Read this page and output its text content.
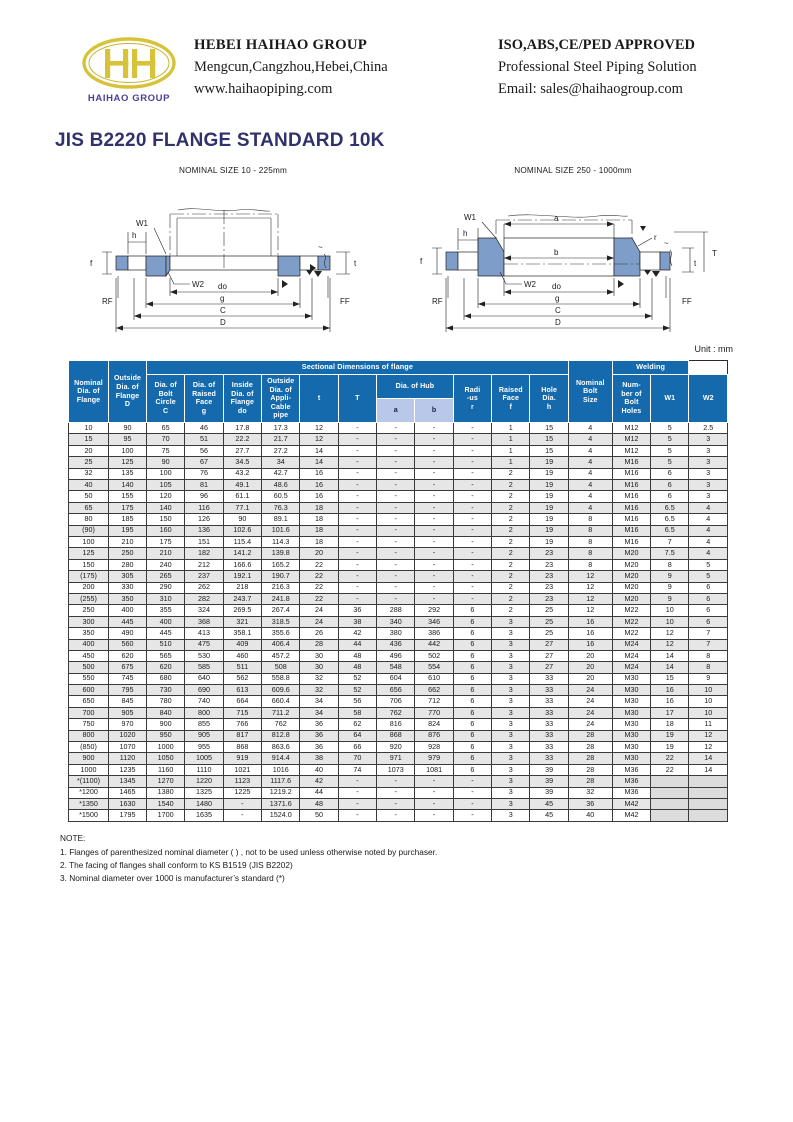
HAIHAO GROUP
HEBEI HAIHAO GROUP
Mengcun,Cangzhou,Hebei,China
www.haihaopiping.com
ISO,ABS,CE/PED APPROVED
Professional Steel Piping Solution
Email: sales@haihaogroup.com
JIS B2220 FLANGE STANDARD 10K
NOMINAL SIZE 10 - 225mm
f
h
W1
W2
RF	FF
t
~
do
g
C
D
NOMINAL SIZE 250 - 1000mm
a
b
f
h
W1
W2
r
RF	FF
T
t
~
do
g
C
D
Unit : mm
Nominal
Dia. of
Flange

Outside
Dia. of
Flange
D
	Sectional Dimensions of flange	
Nominal
Bolt
Size
	Welding

Dia. of
Bolt
Circle
C

Dia. of
Raised
Face
g

Inside
Dia. of
Flange
do

Outside
Dia. of
Appli-
Cable
pipe

t	T
	Dia. of Hub	Radi
-us
r

Raised
Face
f

Hole
Dia.
h

Num-
ber of
Bolt
Holes

W1	W2

								a	b							

10	90	65	46	17.8	17.3	12	-	-	-	-	1	15	4	M12	5	2.5
15	95	70	51	22.2	21.7	12	-	-	-	-	1	15	4	M12	5	3
20	100	75	56	27.7	27.2	14	-	-	-	-	1	15	4	M12	5	3
25	125	90	67	34.5	34	14	-	-	-	-	1	19	4	M16	5	3
32	135	100	76	43.2	42.7	16	-	-	-	-	2	19	4	M16	6	3
40	140	105	81	49.1	48.6	16	-	-	-	-	2	19	4	M16	6	3
50	155	120	96	61.1	60.5	16	-	-	-	-	2	19	4	M16	6	3
65	175	140	116	77.1	76.3	18	-	-	-	-	2	19	4	M16	6.5	4
80	185	150	126	90	89.1	18	-	-	-	-	2	19	8	M16	6.5	4
(90)	195	160	136	102.6	101.6	18	-	-	-	-	2	19	8	M16	6.5	4
100	210	175	151	115.4	114.3	18	-	-	-	-	2	19	8	M16	7	4
125	250	210	182	141.2	139.8	20	-	-	-	-	2	23	8	M20	7.5	4
150	280	240	212	166.6	165.2	22	-	-	-	-	2	23	8	M20	8	5
(175)	305	265	237	192.1	190.7	22	-	-	-	-	2	23	12	M20	9	5
200	330	290	262	218	216.3	22	-	-	-	-	2	23	12	M20	9	6
(255)	350	310	282	243.7	241.8	22	-	-	-	-	2	23	12	M20	9	6
250	400	355	324	269.5	267.4	24	36	288	292	6	2	25	12	M22	10	6
300	445	400	368	321	318.5	24	38	340	346	6	3	25	16	M22	10	6
350	490	445	413	358.1	355.6	26	42	380	386	6	3	25	16	M22	12	7
400	560	510	475	409	406.4	28	44	436	442	6	3	27	16	M24	12	7
450	620	565	530	460	457.2	30	48	496	502	6	3	27	20	M24	14	8
500	675	620	585	511	508	30	48	548	554	6	3	27	20	M24	14	8
550	745	680	640	562	558.8	32	52	604	610	6	3	33	20	M30	15	9
600	795	730	690	613	609.6	32	52	656	662	6	3	33	24	M30	16	10
650	845	780	740	664	660.4	34	56	706	712	6	3	33	24	M30	16	10
700	905	840	800	715	711.2	34	58	762	770	6	3	33	24	M30	17	10
750	970	900	855	766	762	36	62	816	824	6	3	33	24	M30	18	11
800	1020	950	905	817	812.8	36	64	868	876	6	3	33	28	M30	19	12
(850)	1070	1000	955	868	863.6	36	66	920	928	6	3	33	28	M30	19	12
900	1120	1050	1005	919	914.4	38	70	971	979	6	3	33	28	M30	22	14
1000	1235	1160	1110	1021	1016	40	74	1073	1081	6	3	39	28	M36	22	14
*(1100)	1345	1270	1220	1123	1117.6	42	-	-	-	-	3	39	28	M36		
*1200	1465	1380	1325	1225	1219.2	44	-	-	-	-	3	39	32	M36		
*1350	1630	1540	1480	-	1371.6	48	-	-	-	-	3	45	36	M42		
*1500	1795	1700	1635	-	1524.0	50	-	-	-	-	3	45	40	M42		
NOTE:
1. Flanges of parenthesized nominal diameter ( ) , not to be used unless otherwise noted by purchaser.
2. The facing of flanges shall conform to KS B1519 (JIS B2202)
3. Nominal diameter over 1000 is manufacturer’s standard (*)
